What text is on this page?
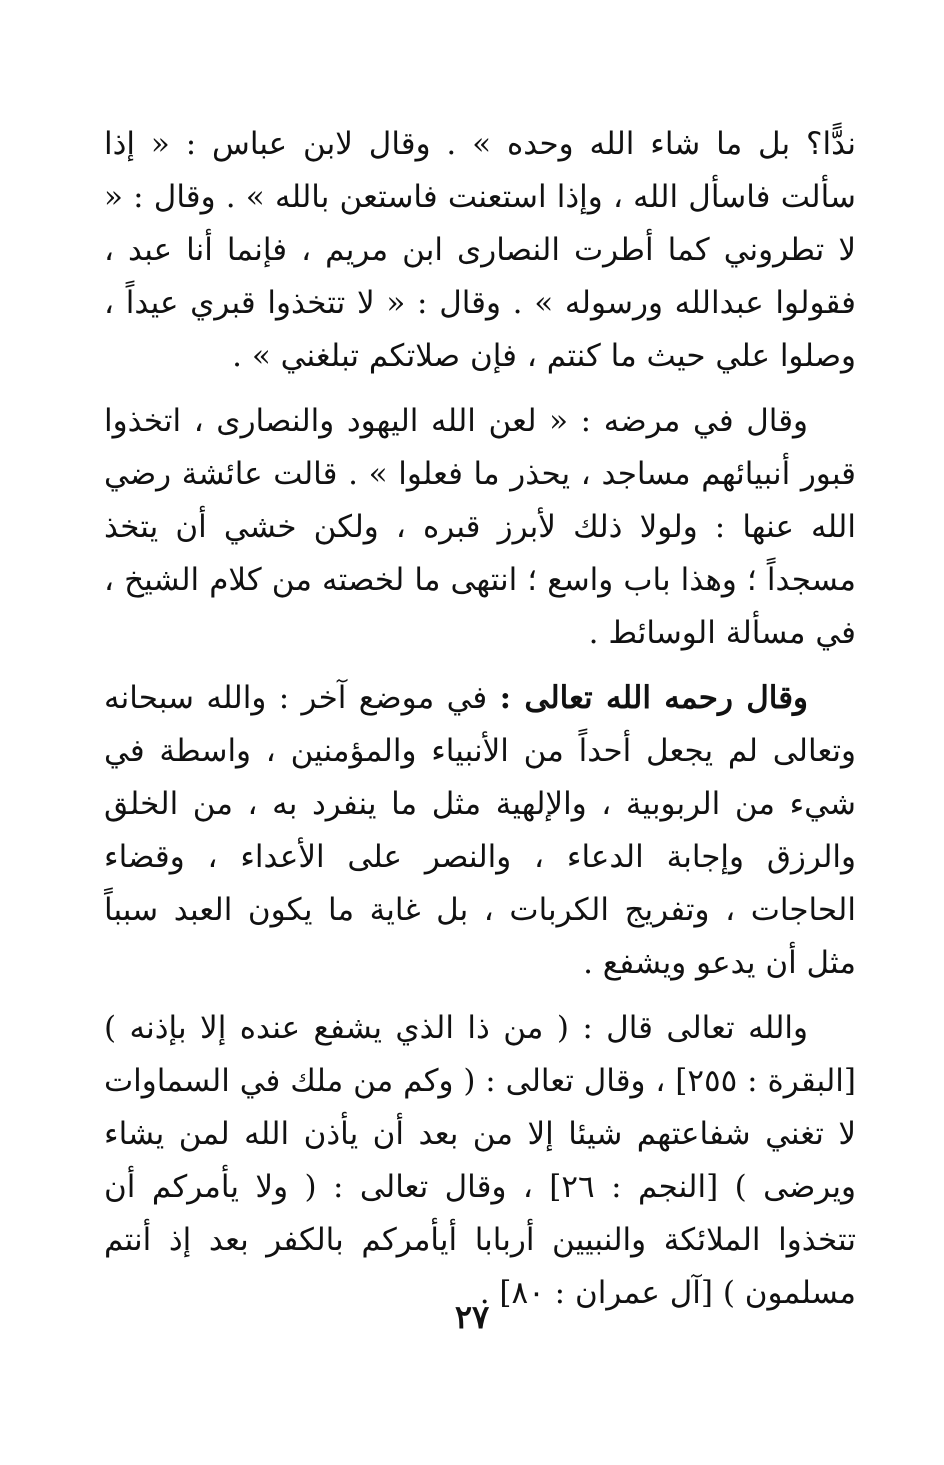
ندًّا؟ بل ما شاء الله وحده » . وقال لابن عباس : « إذا سألت فاسأل الله ، وإذا استعنت فاستعن بالله » . وقال : « لا تطروني كما أطرت النصارى ابن مريم ، فإنما أنا عبد ، فقولوا عبدالله ورسوله » . وقال : « لا تتخذوا قبري عيداً ، وصلوا علي حيث ما كنتم ، فإن صلاتكم تبلغني » .

وقال في مرضه : « لعن الله اليهود والنصارى ، اتخذوا قبور أنبيائهم مساجد ، يحذر ما فعلوا » . قالت عائشة رضي الله عنها : ولولا ذلك لأبرز قبره ، ولكن خشي أن يتخذ مسجداً ؛ وهذا باب واسع ؛ انتهى ما لخصته من كلام الشيخ ، في مسألة الوسائط .

وقال رحمه الله تعالى : في موضع آخر : والله سبحانه وتعالى لم يجعل أحداً من الأنبياء والمؤمنين ، واسطة في شيء من الربوبية ، والإلهية مثل ما ينفرد به ، من الخلق والرزق وإجابة الدعاء ، والنصر على الأعداء ، وقضاء الحاجات ، وتفريج الكربات ، بل غاية ما يكون العبد سبباً مثل أن يدعو ويشفع .

والله تعالى قال : ( من ذا الذي يشفع عنده إلا بإذنه ) [البقرة : ٢٥٥] ، وقال تعالى : ( وكم من ملك في السماوات لا تغني شفاعتهم شيئا إلا من بعد أن يأذن الله لمن يشاء ويرضى ) [النجم : ٢٦] ، وقال تعالى : ( ولا يأمركم أن تتخذوا الملائكة والنبيين أربابا أيأمركم بالكفر بعد إذ أنتم مسلمون ) [آل عمران : ٨٠] .

٢٧
